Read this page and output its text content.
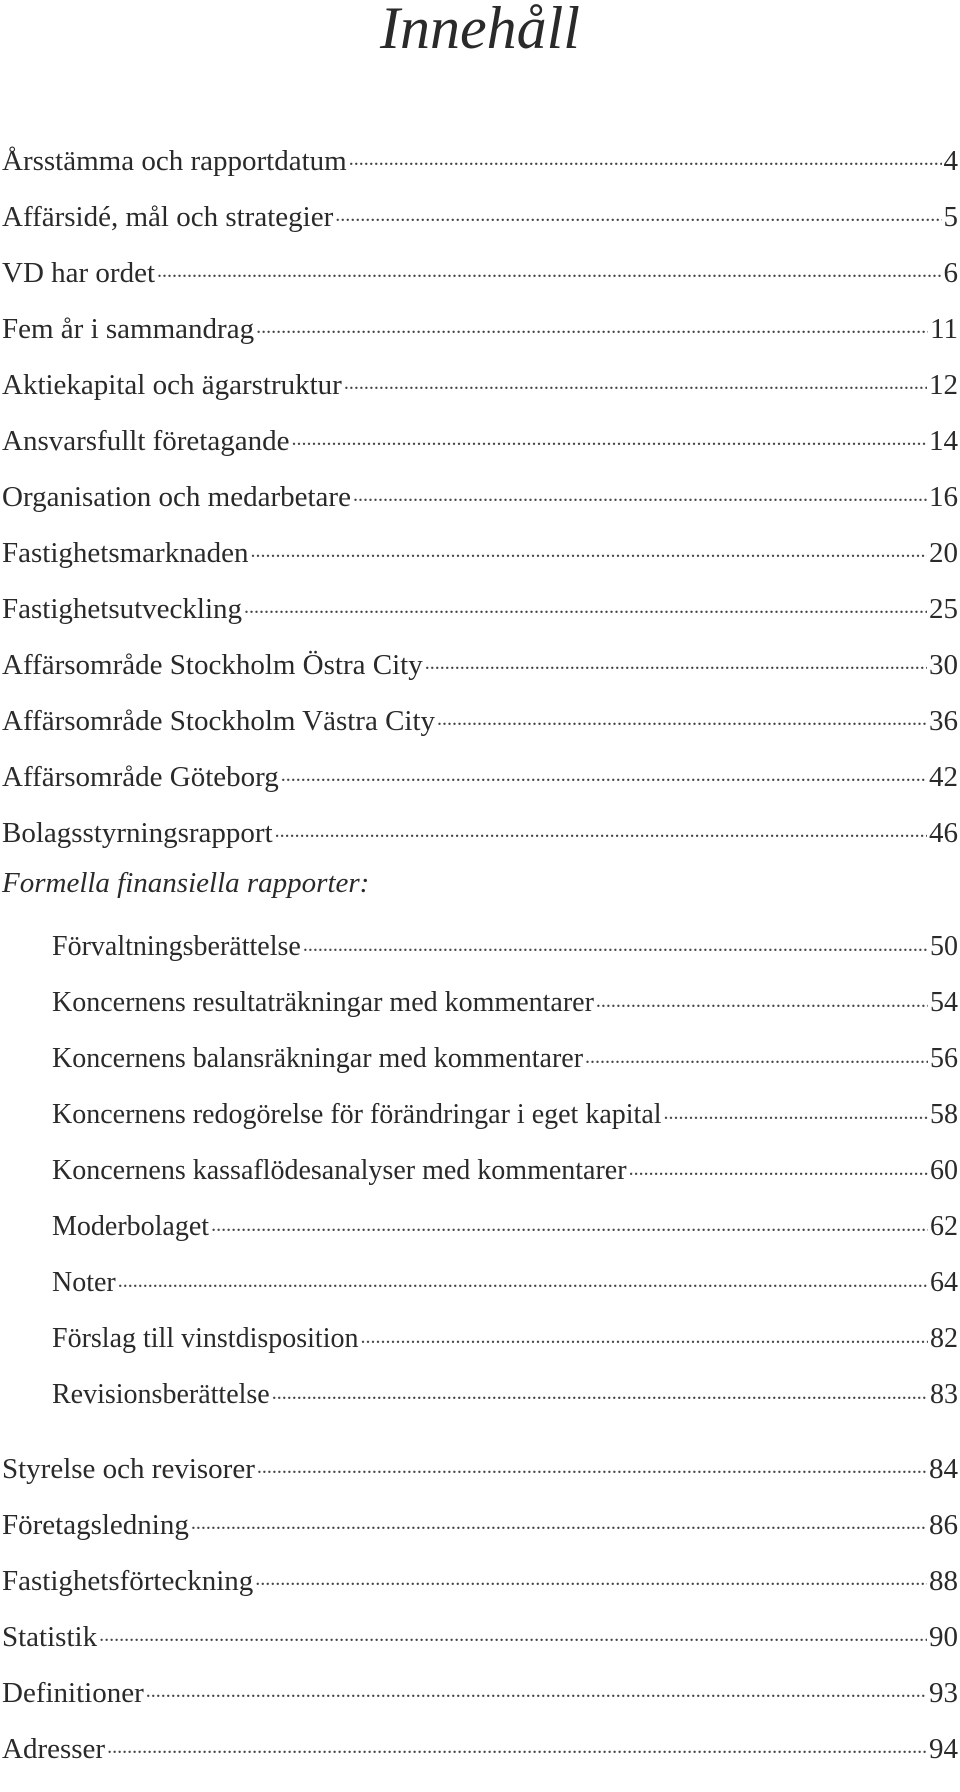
Innehåll
Årsstämma och rapportdatum .....	4
Affärsidé, mål och strategier .....	5
VD har ordet .....	6
Fem år i sammandrag .....	11
Aktiekapital och ägarstruktur .....	12
Ansvarsfullt företagande .....	14
Organisation och medarbetare .....	16
Fastighetsmarknaden .....	20
Fastighetsutveckling .....	25
Affärsområde Stockholm Östra City .....	30
Affärsområde Stockholm Västra City .....	36
Affärsområde Göteborg .....	42
Bolagsstyrningsrapport .....	46
Formella finansiella rapporter:
Förvaltningsberättelse .....	50
Koncernens resultaträkningar med kommentarer .....	54
Koncernens balansräkningar med kommentarer .....	56
Koncernens redogörelse för förändringar i eget kapital .....	58
Koncernens kassaflödesanalyser med kommentarer .....	60
Moderbolaget .....	62
Noter .....	64
Förslag till vinstdisposition .....	82
Revisionsberättelse .....	83
Styrelse och revisorer .....	84
Företagsledning .....	86
Fastighetsförteckning .....	88
Statistik .....	90
Definitioner .....	93
Adresser .....	94
